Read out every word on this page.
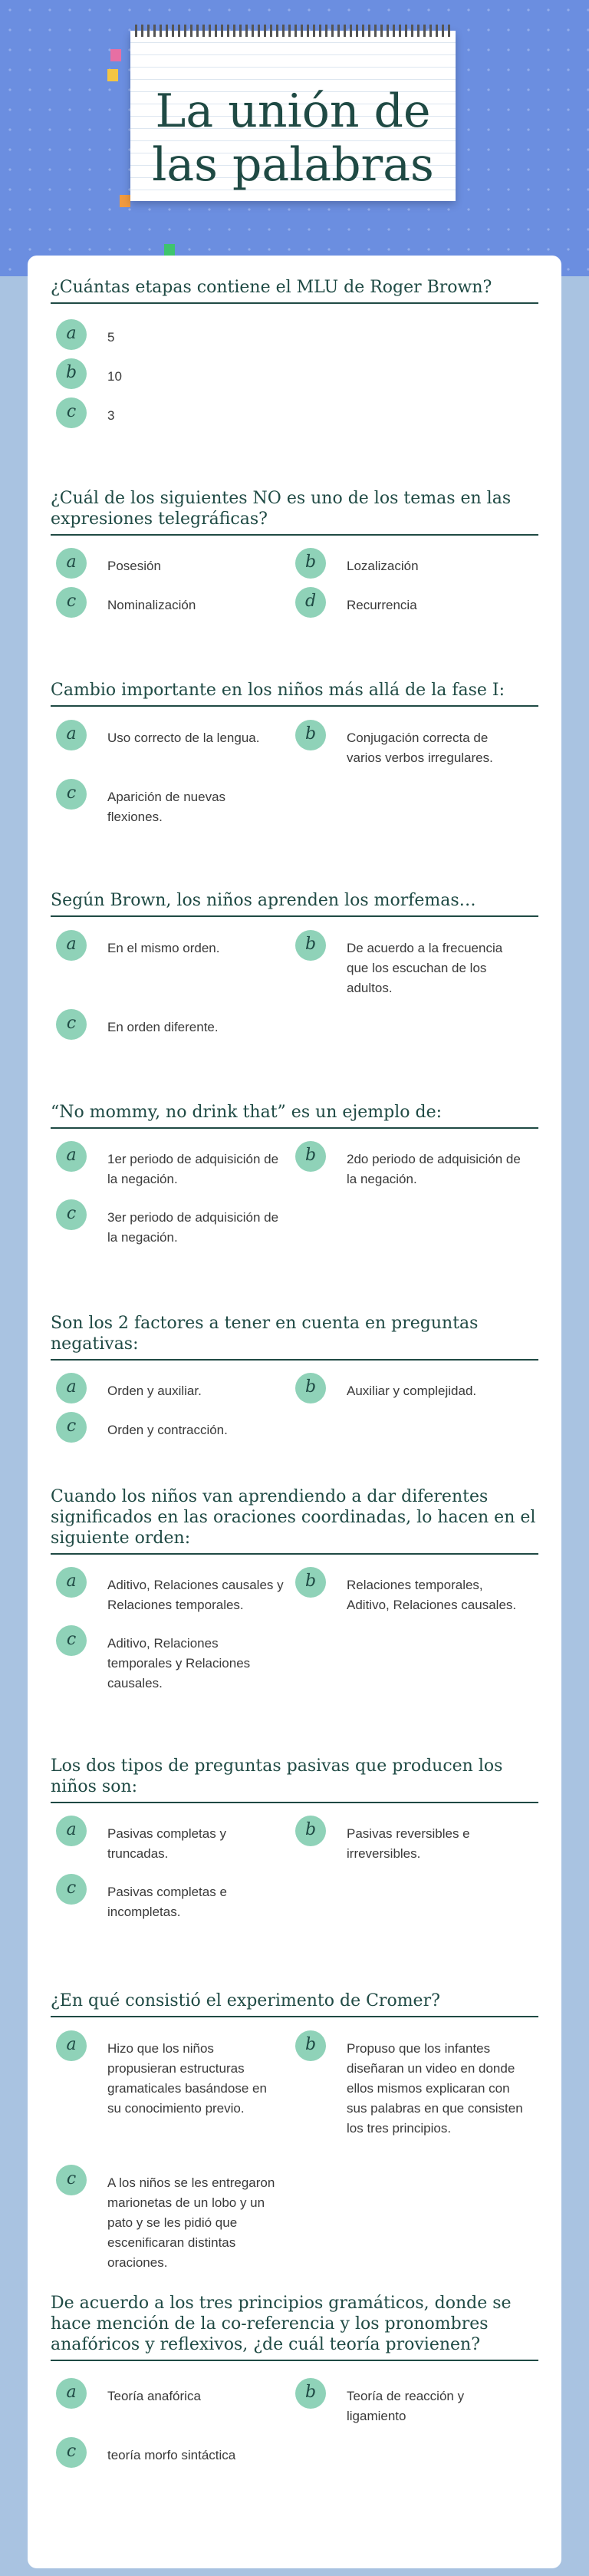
La unión de las palabras
¿Cuántas etapas contiene el MLU de Roger Brown?
a	5
b	10
c	3
¿Cuál de los siguientes NO es uno de los temas en las expresiones telegráficas?
a	Posesión	b	Lozalización
c	Nominalización	d	Recurrencia
Cambio importante en los niños más allá de la fase I:
a	Uso correcto de la lengua.	b	Conjugación correcta de varios verbos irregulares.
c	Aparición de nuevas flexiones.
Según Brown, los niños aprenden los morfemas…
a	En el mismo orden.	b	De acuerdo a la frecuencia que los escuchan de los adultos.
c	En orden diferente.
“No mommy, no drink that” es un ejemplo de:
a	1er periodo de adquisición de la negación.
b	2do periodo de adquisición de la negación.
c	3er periodo de adquisición de la negación.
Son los 2 factores a tener en cuenta en preguntas negativas:
a	Orden y auxiliar.	b	Auxiliar y complejidad.
c	Orden y contracción.
Cuando los niños van aprendiendo a dar diferentes significados en las oraciones coordinadas, lo hacen en el siguiente orden:
a	Aditivo, Relaciones causales y Relaciones temporales.
b	Relaciones temporales, Aditivo, Relaciones causales.
c	Aditivo, Relaciones temporales y Relaciones causales.
Los dos tipos de preguntas pasivas que producen los niños son:
a	Pasivas completas y truncadas.
b	Pasivas reversibles e irreversibles.
c	Pasivas completas e incompletas.
¿En qué consistió el experimento de Cromer?
a	Hizo que los niños propusieran estructuras gramaticales basándose en su conocimiento previo.
b	Propuso que los infantes diseñaran un video en donde ellos mismos explicaran con sus palabras en que consisten los tres principios.
c	A los niños se les entregaron marionetas de un lobo y un pato y se les pidió que escenificaran distintas oraciones.
De acuerdo a los tres principios gramáticos, donde se hace mención de la co-referencia y los pronombres anafóricos y reflexivos, ¿de cuál teoría provienen?
a	Teoría anafórica	b	Teoría de reacción y ligamiento
c	teoría morfo sintáctica
